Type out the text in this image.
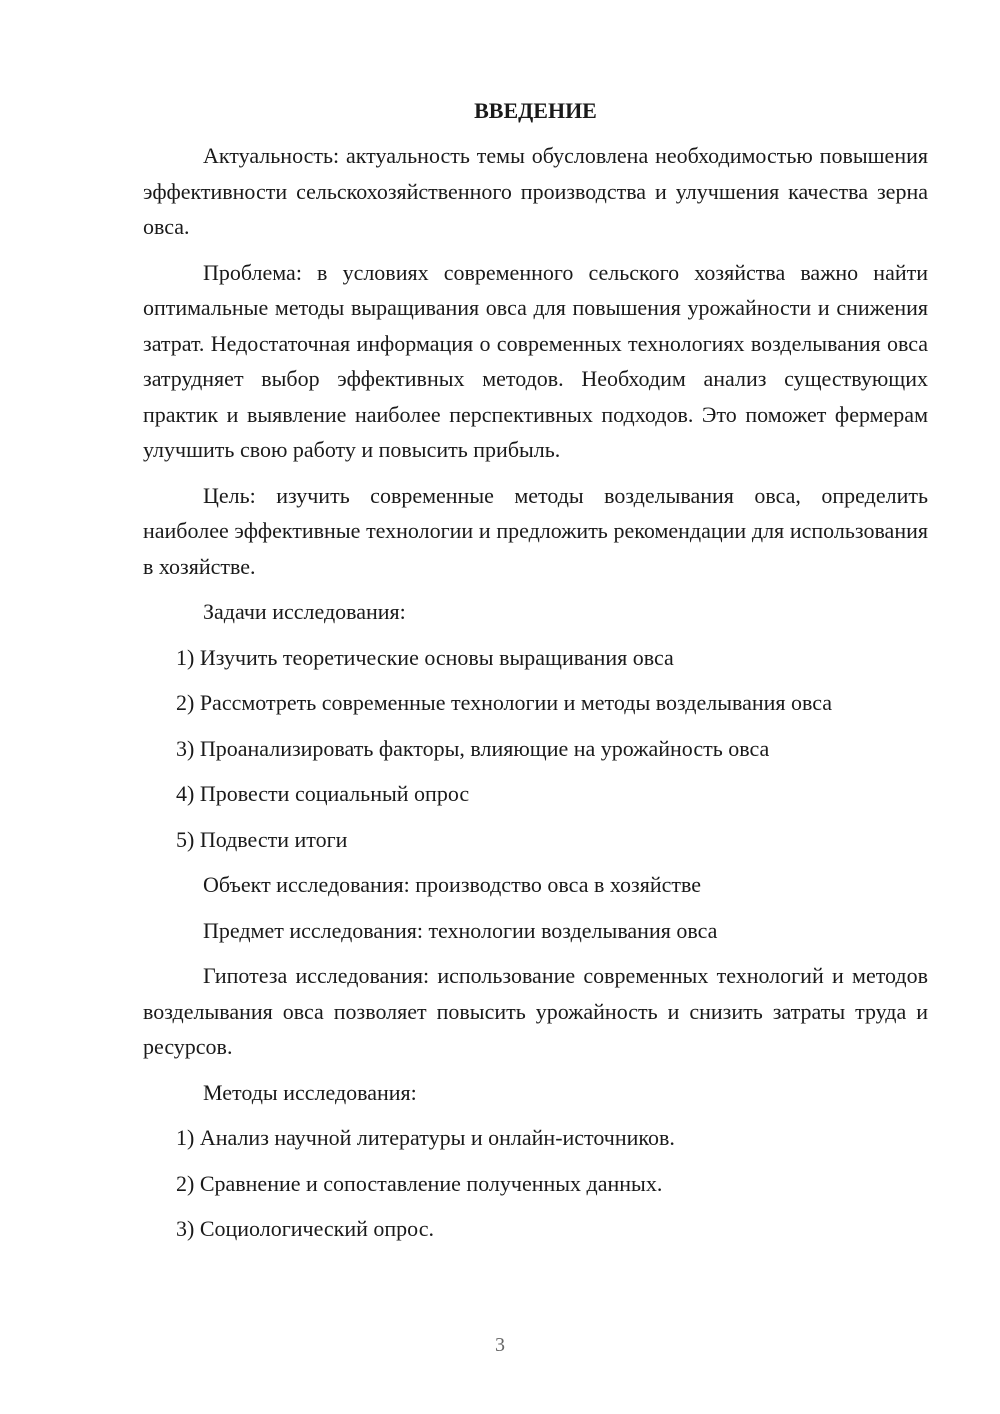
ВВЕДЕНИЕ

Актуальность: актуальность темы обусловлена необходимостью повышения эффективности сельскохозяйственного производства и улучшения качества зерна овса.

Проблема: в условиях современного сельского хозяйства важно найти оптимальные методы выращивания овса для повышения урожайности и снижения затрат. Недостаточная информация о современных технологиях возделывания овса затрудняет выбор эффективных методов. Необходим анализ существующих практик и выявление наиболее перспективных подходов. Это поможет фермерам улучшить свою работу и повысить прибыль.

Цель: изучить современные методы возделывания овса, определить наиболее эффективные технологии и предложить рекомендации для использования в хозяйстве.

Задачи исследования:
1) Изучить теоретические основы выращивания овса
2) Рассмотреть современные технологии и методы возделывания овса
3) Проанализировать факторы, влияющие на урожайность овса
4) Провести социальный опрос
5) Подвести итоги
Объект исследования: производство овса в хозяйстве
Предмет исследования: технологии возделывания овса

Гипотеза исследования: использование современных технологий и методов возделывания овса позволяет повысить урожайность и снизить затраты труда и ресурсов.

Методы исследования:
1) Анализ научной литературы и онлайн-источников.
2) Сравнение и сопоставление полученных данных.
3) Социологический опрос.
3
